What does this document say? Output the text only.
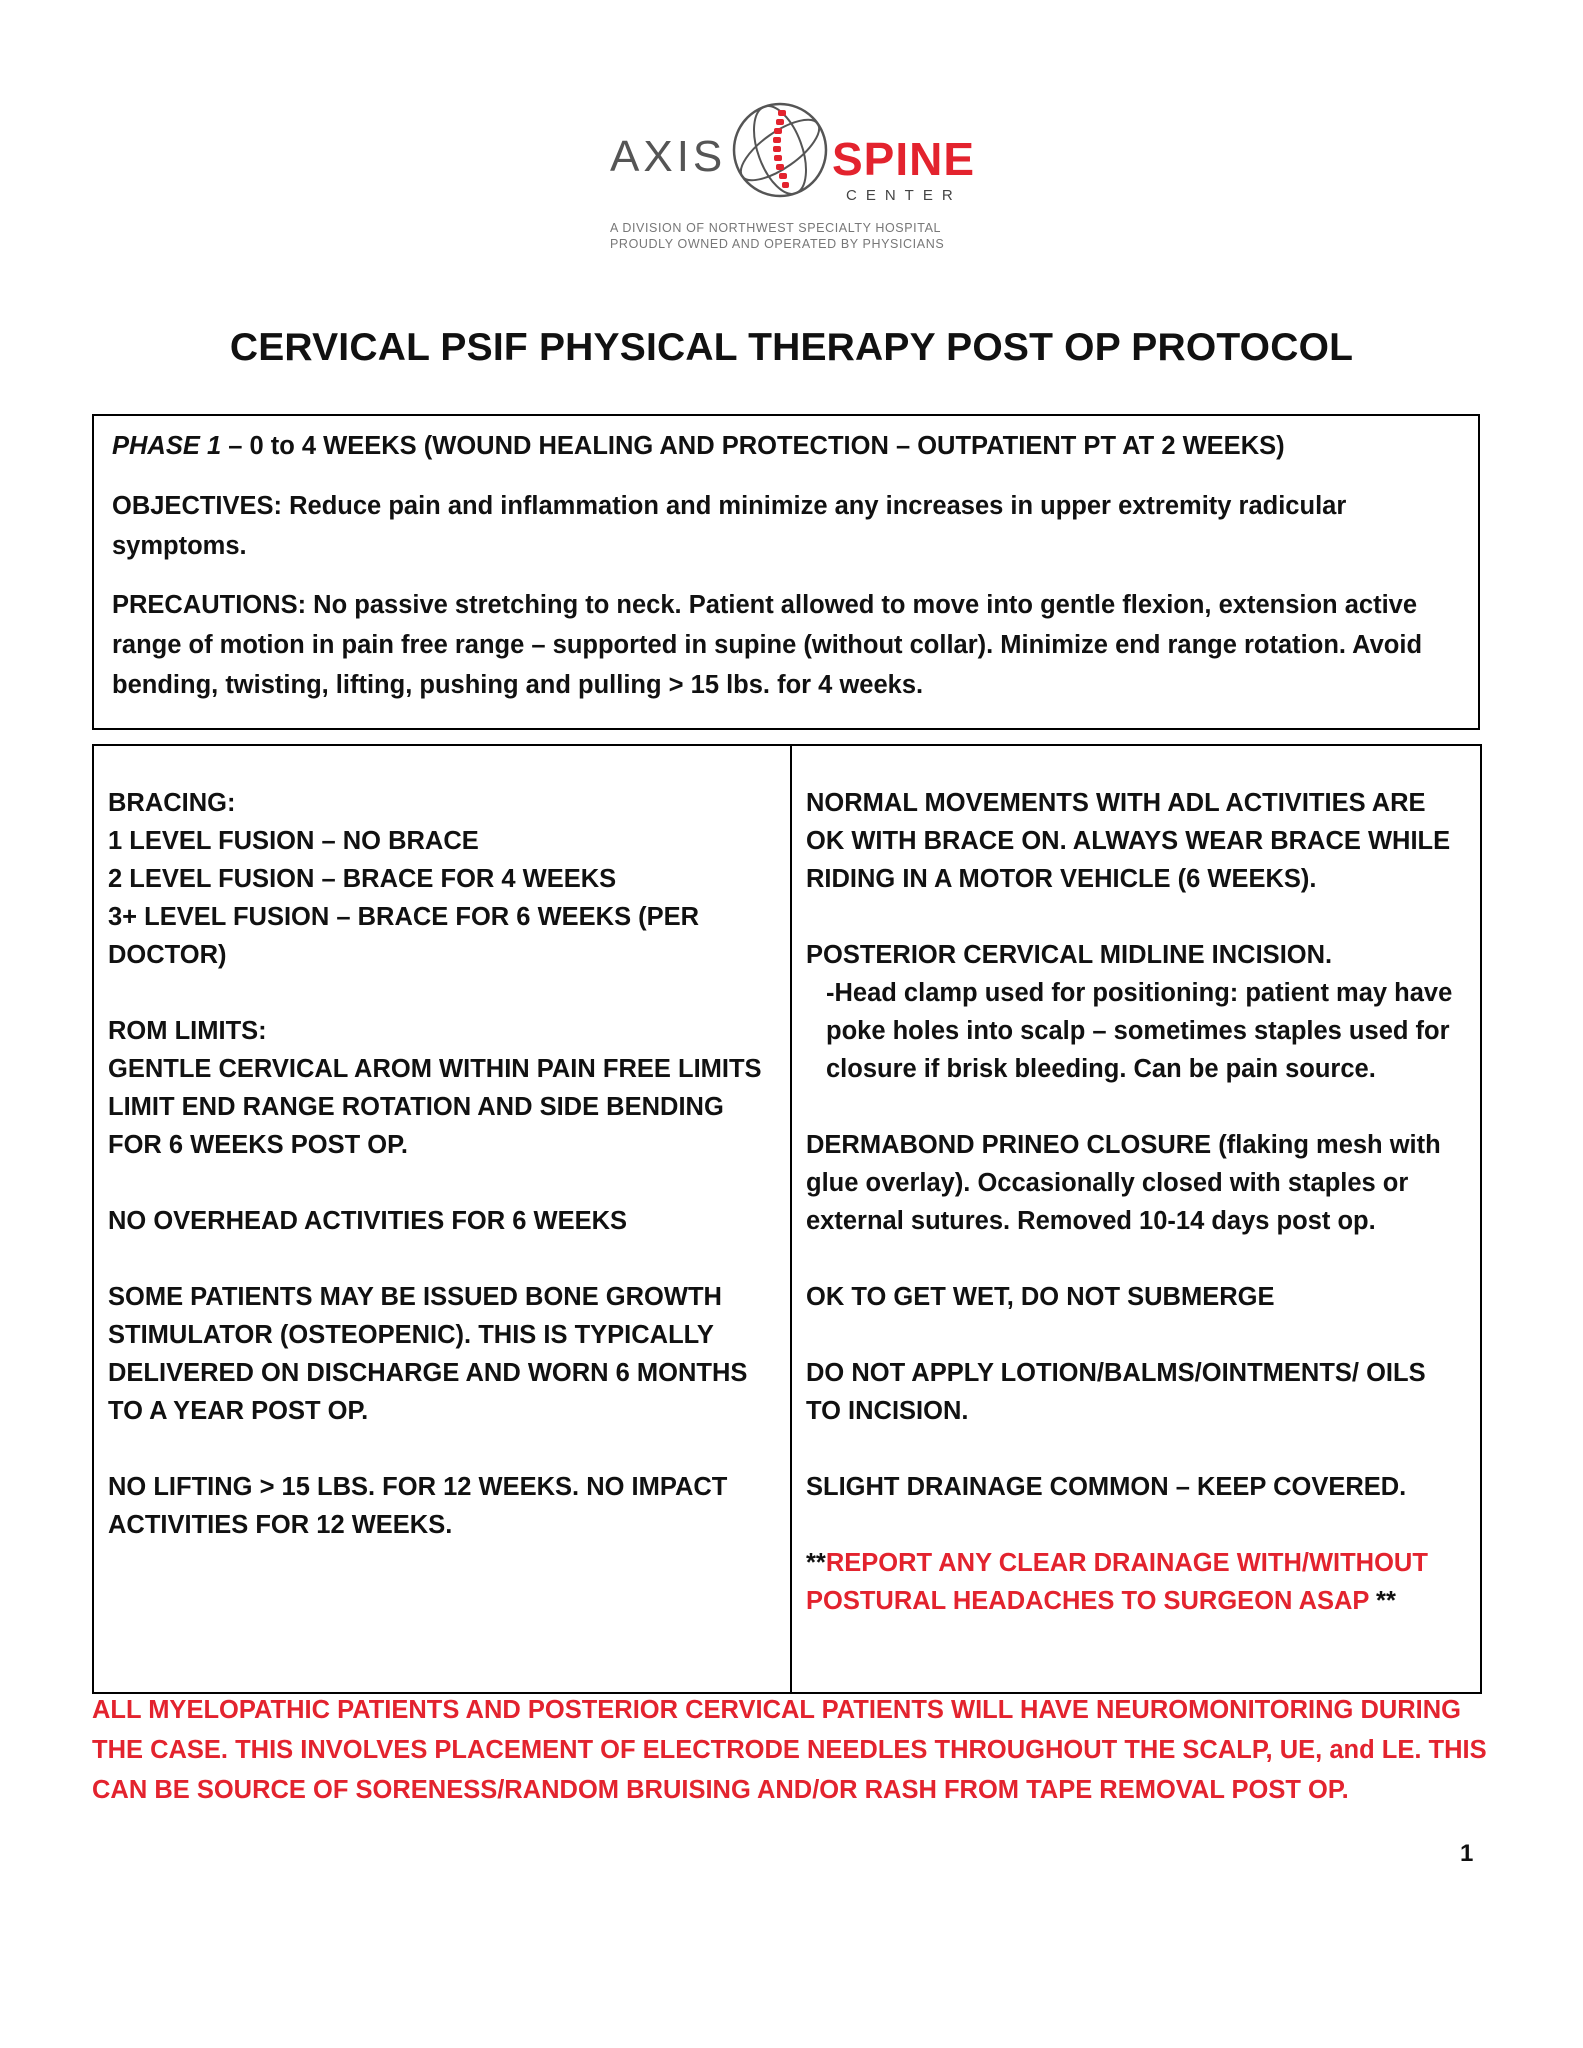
AXIS SPINE
CENTER
A DIVISION OF NORTHWEST SPECIALTY HOSPITAL
PROUDLY OWNED AND OPERATED BY PHYSICIANS
CERVICAL PSIF PHYSICAL THERAPY POST OP PROTOCOL

PHASE 1 – 0 to 4 WEEKS (WOUND HEALING AND PROTECTION – OUTPATIENT PT AT 2 WEEKS)

OBJECTIVES: Reduce pain and inflammation and minimize any increases in upper extremity radicular symptoms.

PRECAUTIONS: No passive stretching to neck. Patient allowed to move into gentle flexion, extension active range of motion in pain free range – supported in supine (without collar). Minimize end range rotation. Avoid bending, twisting, lifting, pushing and pulling > 15 lbs. for 4 weeks.

BRACING:
1 LEVEL FUSION – NO BRACE
2 LEVEL FUSION – BRACE FOR 4 WEEKS
3+ LEVEL FUSION – BRACE FOR 6 WEEKS (PER DOCTOR)
ROM LIMITS:
GENTLE CERVICAL AROM WITHIN PAIN FREE LIMITS
LIMIT END RANGE ROTATION AND SIDE BENDING FOR 6 WEEKS POST OP.
NO OVERHEAD ACTIVITIES FOR 6 WEEKS
SOME PATIENTS MAY BE ISSUED BONE GROWTH STIMULATOR (OSTEOPENIC). THIS IS TYPICALLY DELIVERED ON DISCHARGE AND WORN 6 MONTHS TO A YEAR POST OP.
NO LIFTING > 15 LBS. FOR 12 WEEKS. NO IMPACT ACTIVITIES FOR 12 WEEKS.
NORMAL MOVEMENTS WITH ADL ACTIVITIES ARE OK WITH BRACE ON. ALWAYS WEAR BRACE WHILE RIDING IN A MOTOR VEHICLE (6 WEEKS).
POSTERIOR CERVICAL MIDLINE INCISION.
-Head clamp used for positioning: patient may have poke holes into scalp – sometimes staples used for closure if brisk bleeding. Can be pain source.
DERMABOND PRINEO CLOSURE (flaking mesh with glue overlay). Occasionally closed with staples or external sutures. Removed 10-14 days post op.
OK TO GET WET, DO NOT SUBMERGE
DO NOT APPLY LOTION/BALMS/OINTMENTS/ OILS TO INCISION.
SLIGHT DRAINAGE COMMON – KEEP COVERED.
**REPORT ANY CLEAR DRAINAGE WITH/WITHOUT POSTURAL HEADACHES TO SURGEON ASAP **
ALL MYELOPATHIC PATIENTS AND POSTERIOR CERVICAL PATIENTS WILL HAVE NEUROMONITORING DURING THE CASE. THIS INVOLVES PLACEMENT OF ELECTRODE NEEDLES THROUGHOUT THE SCALP, UE, and LE. THIS CAN BE SOURCE OF SORENESS/RANDOM BRUISING AND/OR RASH FROM TAPE REMOVAL POST OP.
1
